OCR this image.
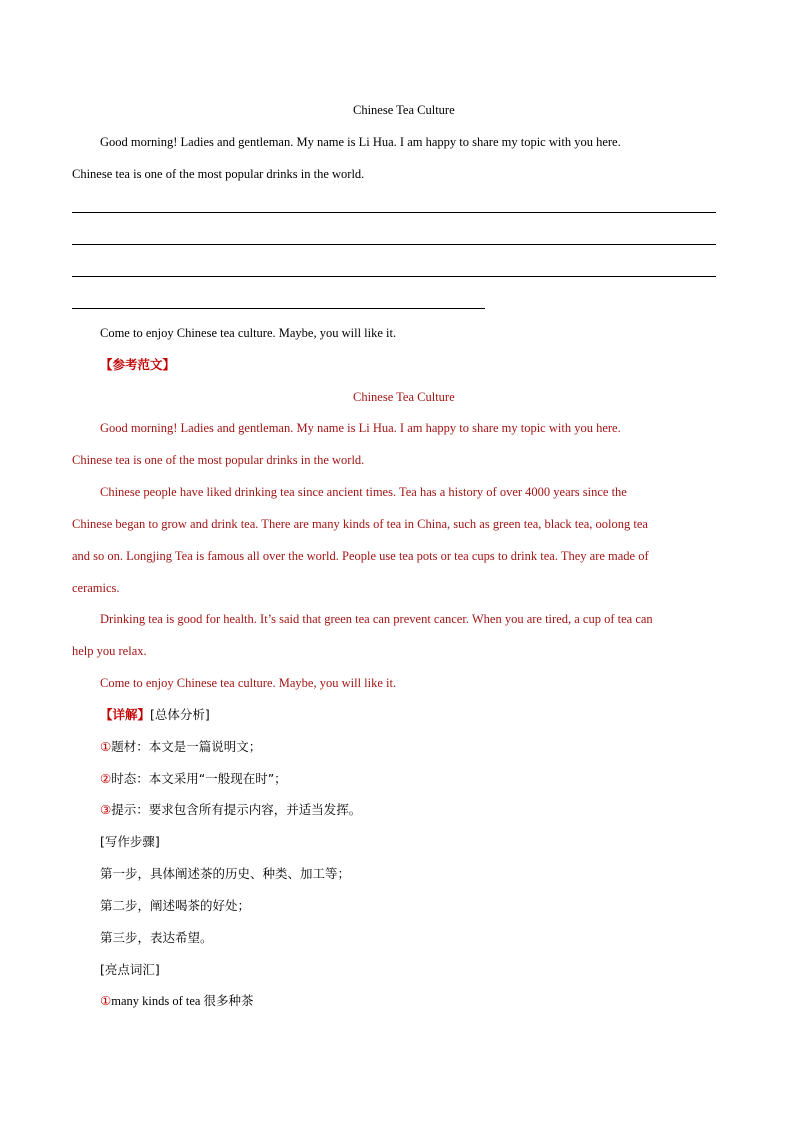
Chinese Tea Culture
Good morning! Ladies and gentleman. My name is Li Hua. I am happy to share my topic with you here.
Chinese tea is one of the most popular drinks in the world.
Come to enjoy Chinese tea culture. Maybe, you will like it.
【参考范文】
Chinese Tea Culture
Good morning! Ladies and gentleman. My name is Li Hua. I am happy to share my topic with you here.
Chinese tea is one of the most popular drinks in the world.
Chinese people have liked drinking tea since ancient times. Tea has a history of over 4000 years since the
Chinese began to grow and drink tea. There are many kinds of tea in China, such as green tea, black tea, oolong tea
and so on. Longjing Tea is famous all over the world. People use tea pots or tea cups to drink tea. They are made of
ceramics.
Drinking tea is good for health. It’s said that green tea can prevent cancer. When you are tired, a cup of tea can
help you relax.
Come to enjoy Chinese tea culture. Maybe, you will like it.
【详解】[总体分析]
①题材：本文是一篇说明文；
②时态：本文采用“一般现在时”；
③提示：要求包含所有提示内容，并适当发挥。
[写作步骤]
第一步，具体阐述茶的历史、种类、加工等；
第二步，阐述喝茶的好处；
第三步，表达希望。
[亮点词汇]
①many kinds of tea 很多种茶
